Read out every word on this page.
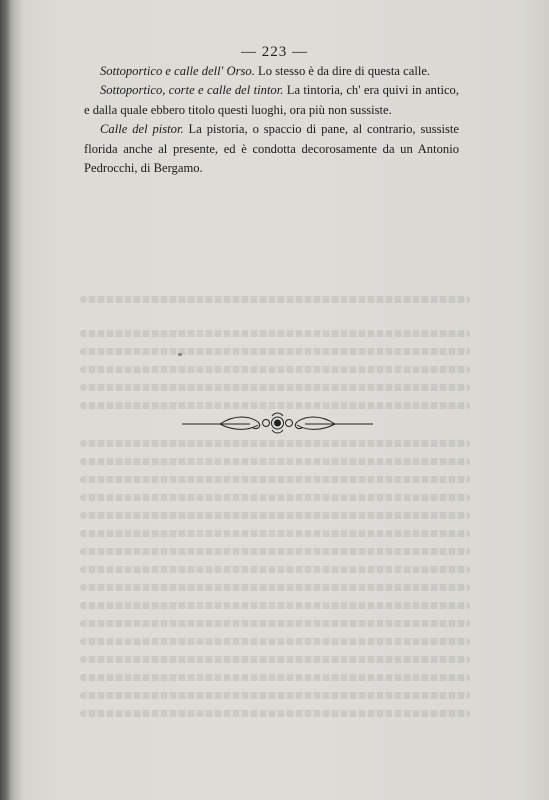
— 223 —

Sottoportico e calle dell' Orso. Lo stesso è da dire di questa calle.

Sottoportico, corte e calle del tintor. La tintoria, ch' era quivi in antico, e dalla quale ebbero titolo questi luoghi, ora più non sussiste.

Calle del pistor. La pistoria, o spaccio di pane, al contrario, sussiste florida anche al presente, ed è condotta decorosamente da un Antonio Pedrocchi, di Bergamo.
